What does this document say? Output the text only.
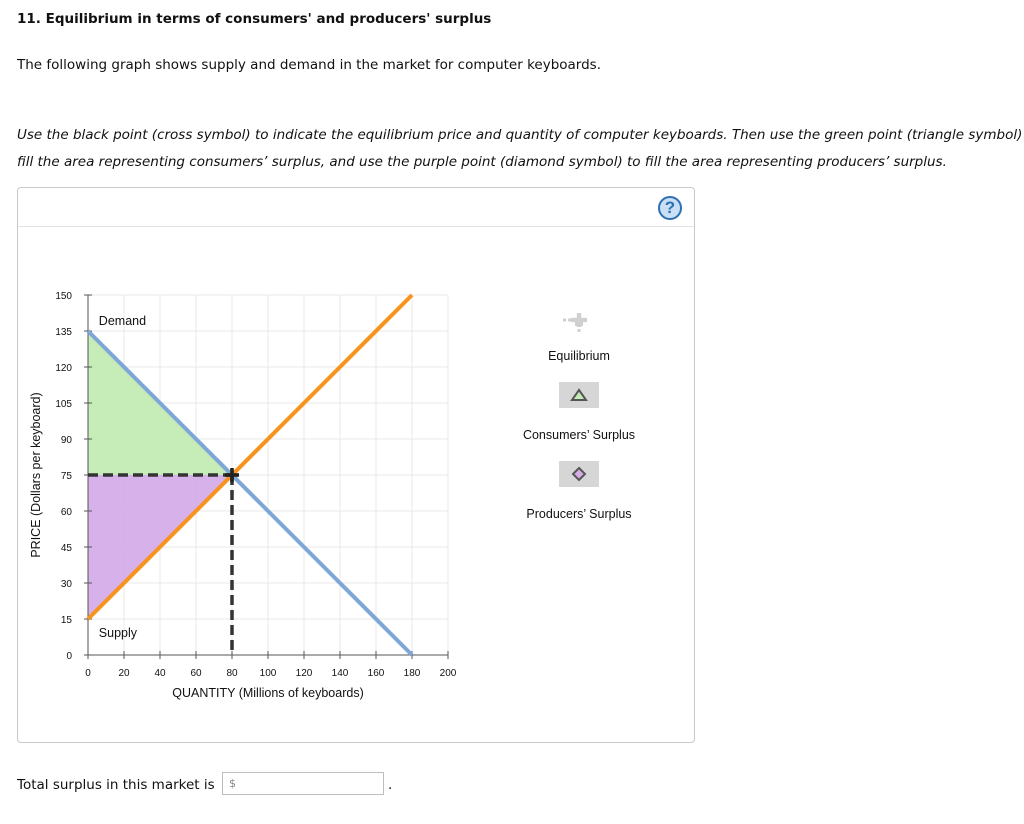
11. Equilibrium in terms of consumers' and producers' surplus
The following graph shows supply and demand in the market for computer keyboards.
Use the black point (cross symbol) to indicate the equilibrium price and quantity of computer keyboards. Then use the green point (triangle symbol)
fill the area representing consumers’ surplus, and use the purple point (diamond symbol) to fill the area representing producers’ surplus.
?
0	20 40 60 80 100 120 140 160 180 200
0
15
30
45
60
75
90
105
120
135
150
QUANTITY (Millions of keyboards)
PRICE (Dollars per keyboard)
Demand
Supply
Equilibrium
Consumers’ Surplus
Producers’ Surplus
Total surplus in this market is $	.
